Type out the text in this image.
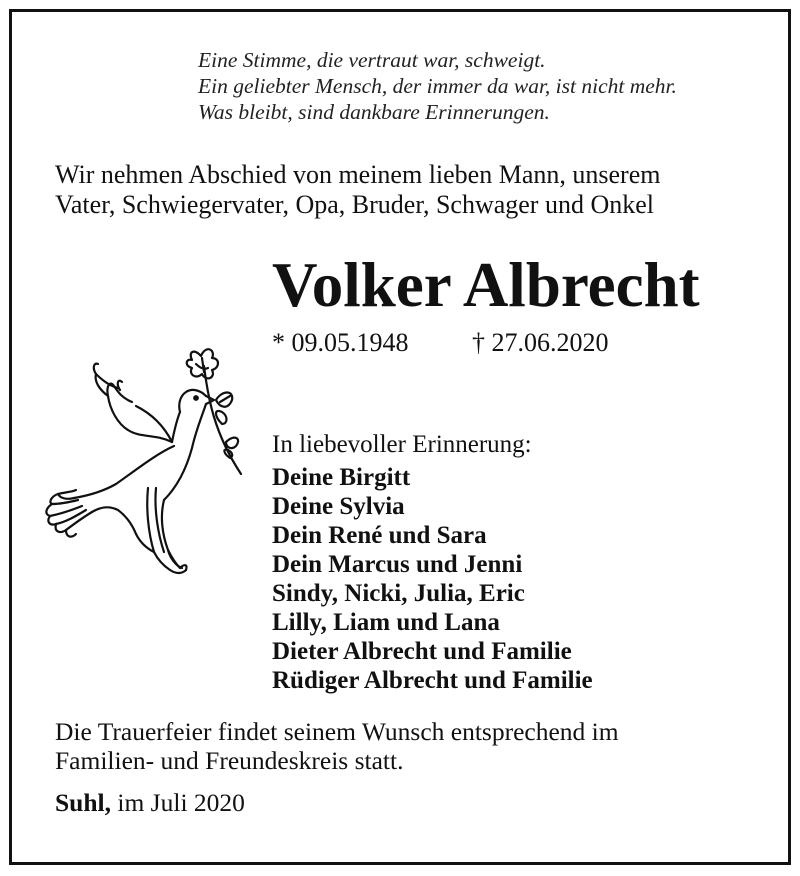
Eine Stimme, die vertraut war, schweigt.
Ein geliebter Mensch, der immer da war, ist nicht mehr.
Was bleibt, sind dankbare Erinnerungen.
Wir nehmen Abschied von meinem lieben Mann, unserem
Vater, Schwiegervater, Opa, Bruder, Schwager und Onkel
Volker Albrecht
* 09.05.1948 † 27.06.2020
In liebevoller Erinnerung:
Deine Birgitt
Deine Sylvia
Dein René und Sara
Dein Marcus und Jenni
Sindy, Nicki, Julia, Eric
Lilly, Liam und Lana
Dieter Albrecht und Familie
Rüdiger Albrecht und Familie
Die Trauerfeier findet seinem Wunsch entsprechend im
Familien- und Freundeskreis statt.
Suhl, im Juli 2020
